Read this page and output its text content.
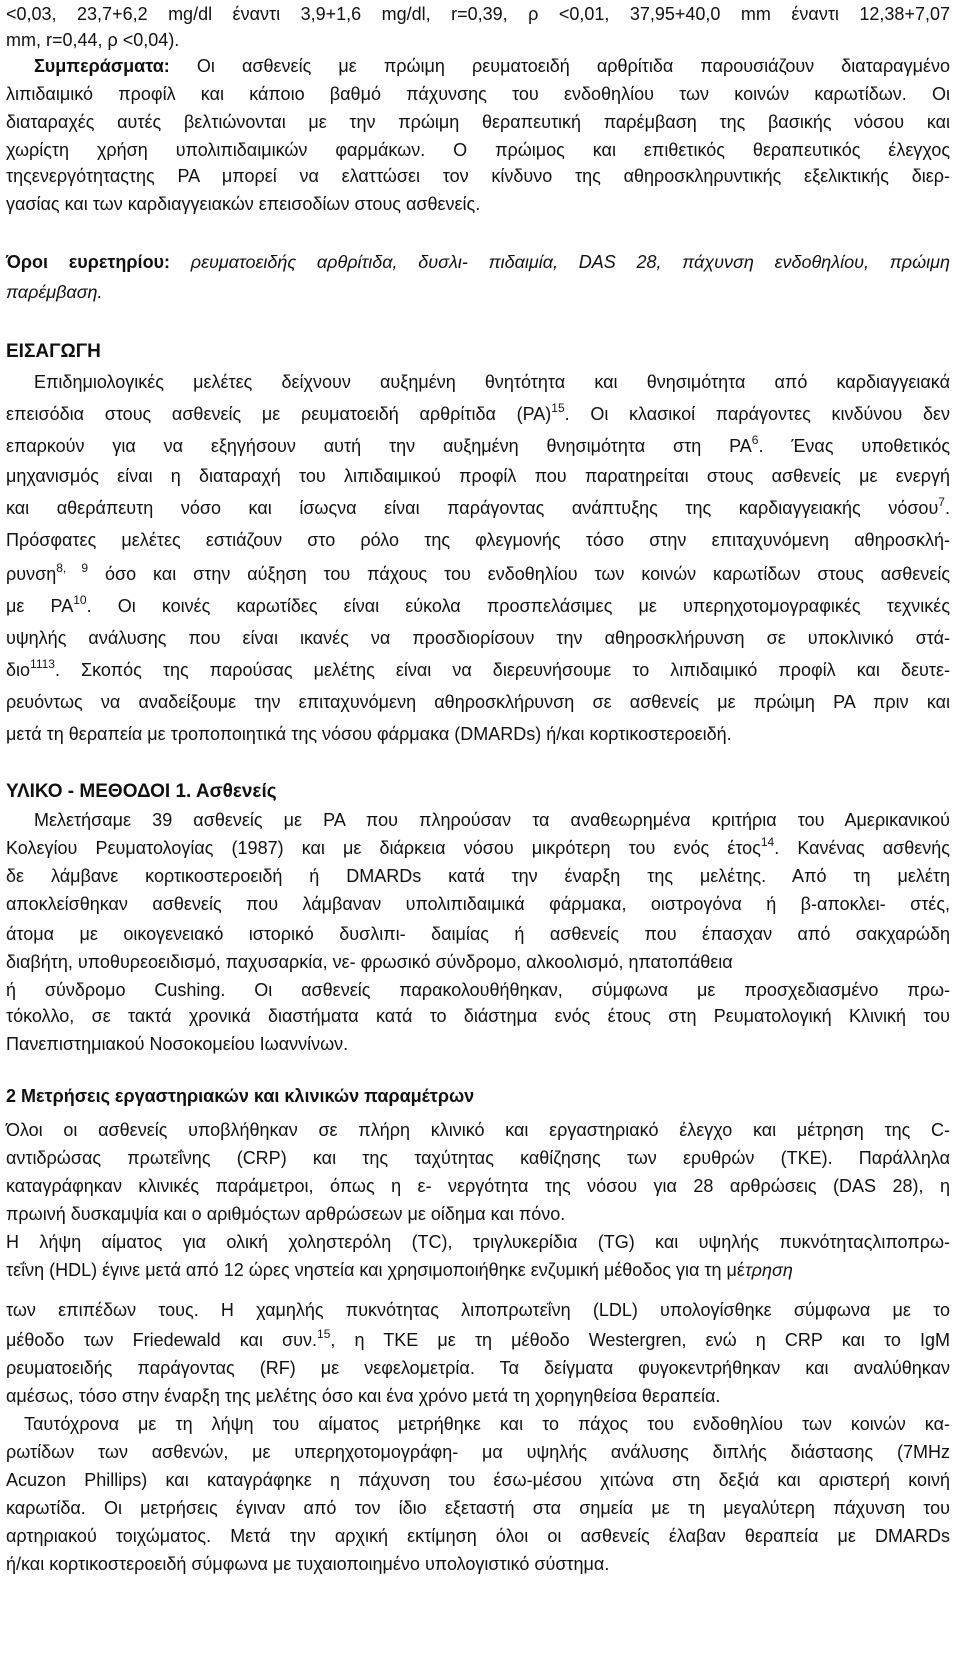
<0,03, 23,7+6,2 mg/dl έναντι 3,9+1,6 mg/dl, r=0,39, ρ <0,01, 37,95+40,0 mm έναντι 12,38+7,07
mm, r=0,44, ρ <0,04).
Συμπεράσματα: Οι ασθενείς με πρώιμη ρευματοειδή αρθρίτιδα παρουσιάζουν διαταραγμένο
λιπιδαιμικό προφίλ και κάποιο βαθμό πάχυνσης του ενδοθηλίου των κοινών καρωτίδων. Οι
διαταραχές αυτές βελτιώνονται με την πρώιμη θεραπευτική παρέμβαση της βασικής νόσου και
χωρίςτη χρήση υπολιπιδαιμικών φαρμάκων. Ο πρώιμος και επιθετικός θεραπευτικός έλεγχος
τηςενεργότηταςτης ΡΑ μπορεί να ελαττώσει τον κίνδυνο της αθηροσκληρυντικής εξελικτικής διερ-
γασίας και των καρδιαγγειακών επεισοδίων στους ασθενείς.
Όροι ευρετηρίου: ρευματοειδής αρθρίτιδα, δυσλι- πιδαιμία, DAS 28, πάχυνση ενδοθηλίου, πρώιμη
παρέμβαση.
ΕΙΣΑΓΩΓΗ
Επιδημιολογικές μελέτες δείχνουν αυξημένη θνητότητα και θνησιμότητα από καρδιαγγειακά
επεισόδια στους ασθενείς με ρευματοειδή αρθρίτιδα $(PA)^{15}$. Οι κλασικοί παράγοντες κινδύνου δεν
επαρκούν για να εξηγήσουν αυτή την αυξημένη θνησιμότητα στη $PA^6$. Ένας υποθετικός
μηχανισμός είναι η διαταραχή του λιπιδαιμικού προφίλ που παρατηρείται στους ασθενείς με ενεργή
και αθεράπευτη νόσο και ίσωςνα είναι παράγοντας ανάπτυξης της καρδιαγγειακής νόσου$^7$.
Πρόσφατες μελέτες εστιάζουν στο ρόλο της φλεγμονής τόσο στην επιταχυνόμενη αθηροσκλή-
ρυνση$^{8, 9}$ όσο και στην αύξηση του πάχους του ενδοθηλίου των κοινών καρωτίδων στους ασθενείς
με ΡΑ$^{10}$. Οι κοινές καρωτίδες είναι εύκολα προσπελάσιμες με υπερηχοτομογραφικές τεχνικές
υψηλής ανάλυσης που είναι ικανές να προσδιορίσουν την αθηροσκλήρυνση σε υποκλινικό στά-
διο$^{1113}$. Σκοπός της παρούσας μελέτης είναι να διερευνήσουμε το λιπιδαιμικό προφίλ και δευτε-
ρευόντως να αναδείξουμε την επιταχυνόμενη αθηροσκλήρυνση σε ασθενείς με πρώιμη ΡΑ πριν και
μετά τη θεραπεία με τροποποιητικά της νόσου φάρμακα (DMARDs) ή/και κορτικοστεροειδή.
ΥΛΙΚΟ - ΜΕΘΟΔΟΙ 1. Ασθενείς
Μελετήσαμε 39 ασθενείς με ΡΑ που πληρούσαν τα αναθεωρημένα κριτήρια του Αμερικανικού
Κολεγίου Ρευματολογίας (1987) και με διάρκεια νόσου μικρότερη του ενός έτος$^{14}$. Κανένας ασθενής
δε λάμβανε κορτικοστεροειδή ή DMARDs κατά την έναρξη της μελέτης. Από τη μελέτη
αποκλείσθηκαν ασθενείς που λάμβαναν υπολιπιδαιμικά φάρμακα, οιστρογόνα ή β-αποκλει- στές,
άτομα με οικογενειακό ιστορικό δυσλιπι- δαιμίας ή ασθενείς που έπασχαν από σακχαρώδη
διαβήτη, υποθυρεοειδισμό, παχυσαρκία, νε- φρωσικό σύνδρομο, αλκοολισμό, ηπατοπάθεια
ή σύνδρομο Cushing. Οι ασθενείς παρακολουθήθηκαν, σύμφωνα με προσχεδιασμένο πρω-
τόκολλο, σε τακτά χρονικά διαστήματα κατά το διάστημα ενός έτους στη Ρευματολογική Κλινική του
Πανεπιστημιακού Νοσοκομείου Ιωαννίνων.
2 Μετρήσεις εργαστηριακών και κλινικών παραμέτρων
Όλοι οι ασθενείς υποβλήθηκαν σε πλήρη κλινικό και εργαστηριακό έλεγχο και μέτρηση της C-
αντιδρώσας πρωτεΐνης (CRP) και της ταχύτητας καθίζησης των ερυθρών (ΤΚΕ). Παράλληλα
καταγράφηκαν κλινικές παράμετροι, όπως η ε- νεργότητα της νόσου για 28 αρθρώσεις (DAS 28), η
πρωινή δυσκαμψία και ο αριθμόςτων αρθρώσεων με οίδημα και πόνο.
Η λήψη αίματος για ολική χοληστερόλη (TC), τριγλυκερίδια (TG) και υψηλής πυκνότηταςλιποπρω-
τεΐνη (HDL) έγινε μετά από 12 ώρες νηστεία και χρησιμοποιήθηκε ενζυμική μέθοδος για τη μέτρηση
των επιπέδων τους. Η χαμηλής πυκνότητας λιποπρωτεΐνη (LDL) υπολογίσθηκε σύμφωνα με το
μέθοδο των Friedewald και συν.$^{15}$, η ΤΚΕ με τη μέθοδο Westergren, ενώ η CRP και το IgM
ρευματοειδής παράγοντας (RF) με νεφελομετρία. Τα δείγματα φυγοκεντρήθηκαν και αναλύθηκαν
αμέσως, τόσο στην έναρξη της μελέτης όσο και ένα χρόνο μετά τη χορηγηθείσα θεραπεία.
Ταυτόχρονα με τη λήψη του αίματος μετρήθηκε και το πάχος του ενδοθηλίου των κοινών κα-
ρωτίδων των ασθενών, με υπερηχοτομογράφη- μα υψηλής ανάλυσης διπλής διάστασης (7MHz
Acuzon Phillips) και καταγράφηκε η πάχυνση του έσω-μέσου χιτώνα στη δεξιά και αριστερή κοινή
καρωτίδα. Οι μετρήσεις έγιναν από τον ίδιο εξεταστή στα σημεία με τη μεγαλύτερη πάχυνση του
αρτηριακού τοιχώματος. Μετά την αρχική εκτίμηση όλοι οι ασθενείς έλαβαν θεραπεία με DMARDs
ή/και κορτικοστεροειδή σύμφωνα με τυχαιοποιημένο υπολογιστικό σύστημα.
